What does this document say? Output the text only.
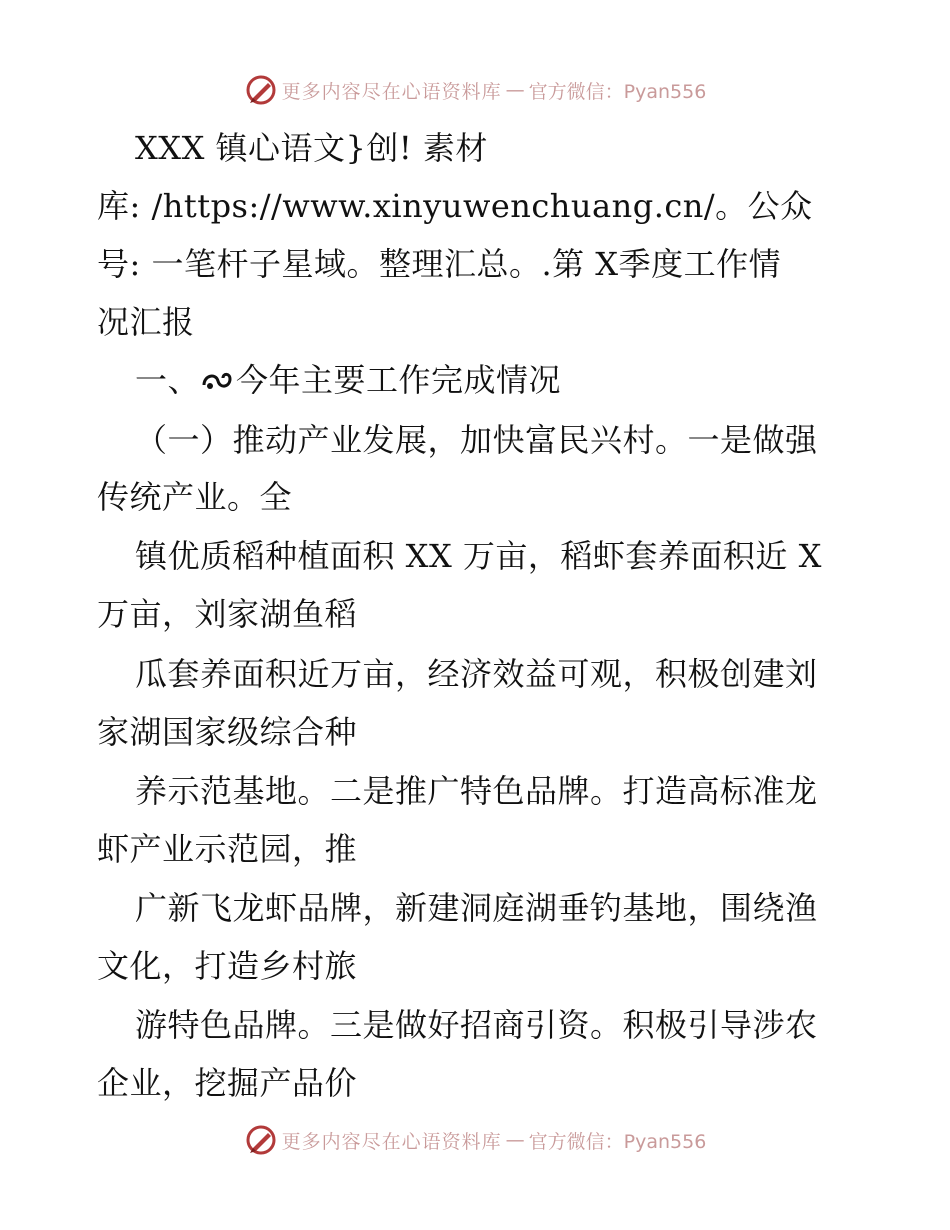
更多内容尽在心语资料库 — 官方微信：Pyan556
XXX 镇心语文}创! 素材
库: /https://www.xinyuwenchuang.cn/。公众
号: 一笔杆子星域。整理汇总。.第 X季度工作情
况汇报
一、 今年主要工作完成情况
（一）推动产业发展，加快富民兴村。一是做强
传统产业。全
镇优质稻种植面积 XX 万亩，稻虾套养面积近 X
万亩，刘家湖鱼稻
瓜套养面积近万亩，经济效益可观，积极创建刘
家湖国家级综合种
养示范基地。二是推广特色品牌。打造高标准龙
虾产业示范园，推
广新飞龙虾品牌，新建洞庭湖垂钓基地，围绕渔
文化，打造乡村旅
游特色品牌。三是做好招商引资。积极引导涉农
企业，挖掘产品价
更多内容尽在心语资料库 — 官方微信：Pyan556
